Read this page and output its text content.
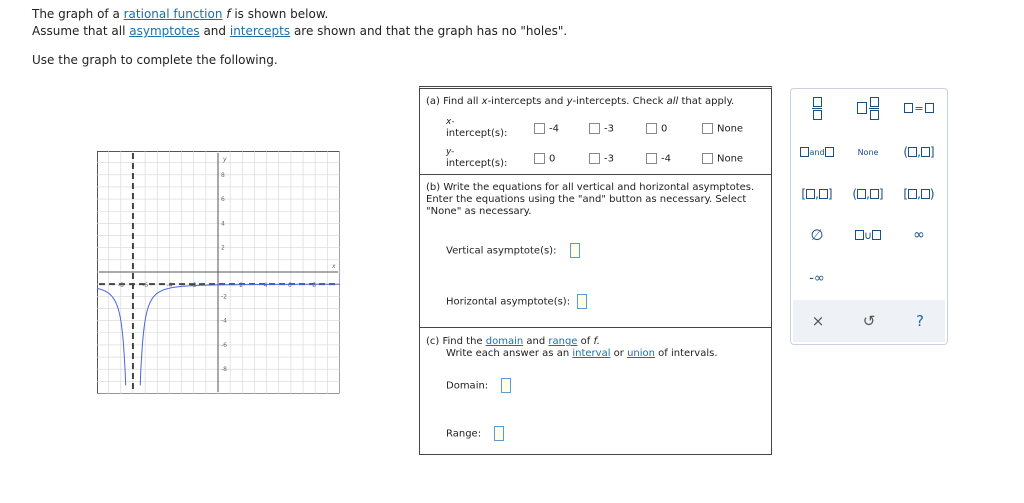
The graph of a rational function f is shown below.
Assume that all asymptotes and intercepts are shown and that the graph has no "holes".
Use the graph to complete the following.
-8	-6	-4	-2	2	4	6	8
8
6
4
2
-2
-4
-6
-8
y
x
(a) Find all x-intercepts and y-intercepts. Check all that apply.
x-
intercept(s):	-4	-3	0	None
y-
intercept(s):	0	-3	-4	None
(b) Write the equations for all vertical and horizontal asymptotes. Enter the equations using the "and" button as necessary. Select "None" as necessary.
Vertical asymptote(s):
Horizontal asymptote(s):
(c) Find the domain and range of f.
Write each answer as an interval or union of intervals.
Domain:
Range:
=
and	None	( , ]
[ , ]	( , ]	[ , )
∅	∪	∞
-∞
×	↺	?
